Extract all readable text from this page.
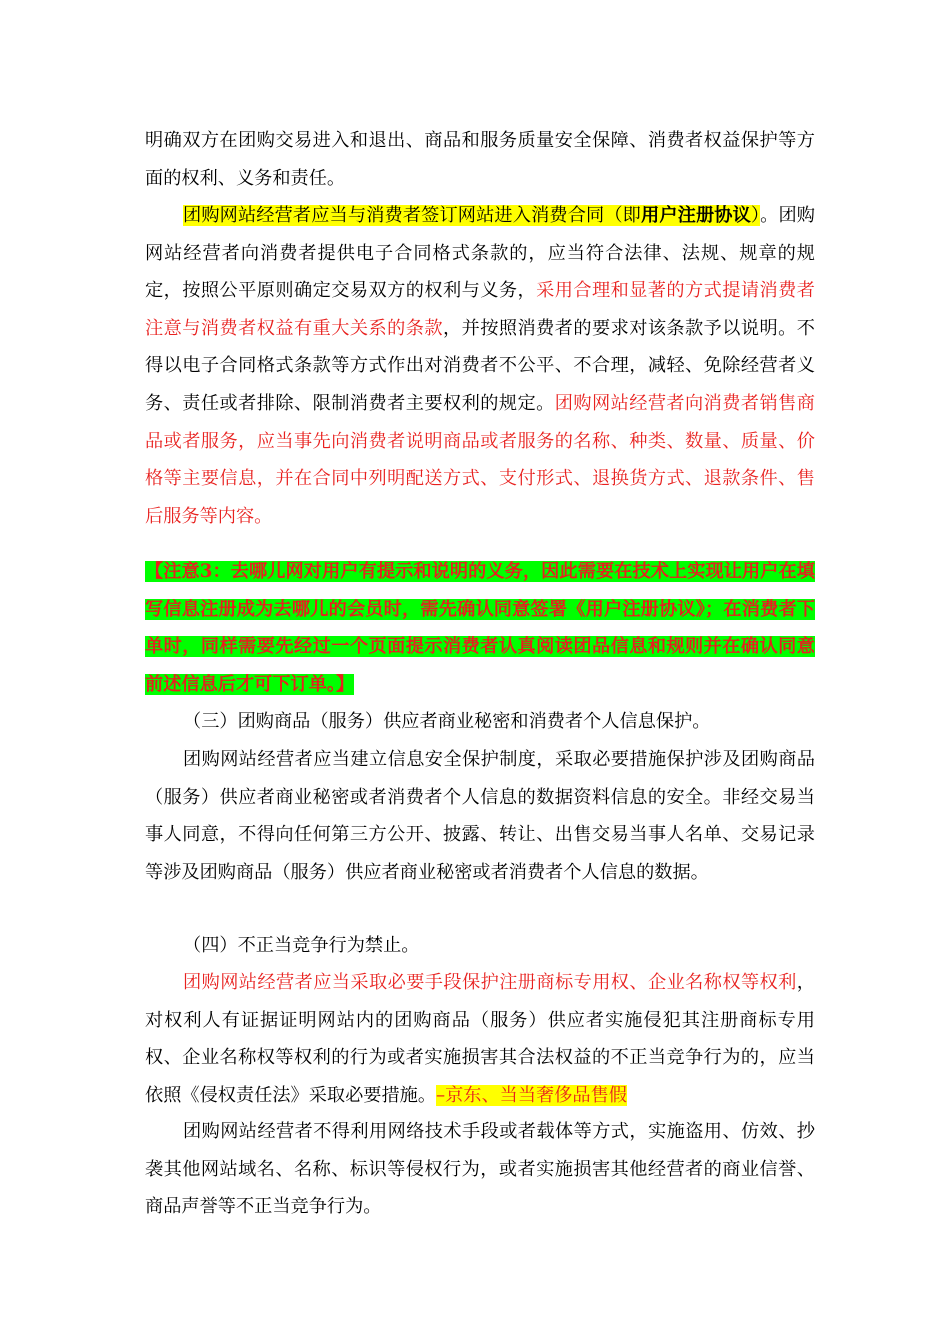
明确双方在团购交易进入和退出、商品和服务质量安全保障、消费者权益保护等方面的权利、义务和责任。

团购网站经营者应当与消费者签订网站进入消费合同（即用户注册协议）。团购网站经营者向消费者提供电子合同格式条款的，应当符合法律、法规、规章的规定，按照公平原则确定交易双方的权利与义务，采用合理和显著的方式提请消费者注意与消费者权益有重大关系的条款，并按照消费者的要求对该条款予以说明。不得以电子合同格式条款等方式作出对消费者不公平、不合理，减轻、免除经营者义务、责任或者排除、限制消费者主要权利的规定。团购网站经营者向消费者销售商品或者服务，应当事先向消费者说明商品或者服务的名称、种类、数量、质量、价格等主要信息，并在合同中列明配送方式、支付形式、退换货方式、退款条件、售后服务等内容。

【注意3：去哪儿网对用户有提示和说明的义务，因此需要在技术上实现让用户在填写信息注册成为去哪儿的会员时，需先确认同意签署《用户注册协议》；在消费者下单时，同样需要先经过一个页面提示消费者认真阅读团品信息和规则并在确认同意前述信息后才可下订单。】

（三）团购商品（服务）供应者商业秘密和消费者个人信息保护。

团购网站经营者应当建立信息安全保护制度，采取必要措施保护涉及团购商品（服务）供应者商业秘密或者消费者个人信息的数据资料信息的安全。非经交易当事人同意，不得向任何第三方公开、披露、转让、出售交易当事人名单、交易记录等涉及团购商品（服务）供应者商业秘密或者消费者个人信息的数据。

（四）不正当竞争行为禁止。

团购网站经营者应当采取必要手段保护注册商标专用权、企业名称权等权利，对权利人有证据证明网站内的团购商品（服务）供应者实施侵犯其注册商标专用权、企业名称权等权利的行为或者实施损害其合法权益的不正当竞争行为的，应当依照《侵权责任法》采取必要措施。–京东、当当奢侈品售假

团购网站经营者不得利用网络技术手段或者载体等方式，实施盗用、仿效、抄袭其他网站域名、名称、标识等侵权行为，或者实施损害其他经营者的商业信誉、商品声誉等不正当竞争行为。
